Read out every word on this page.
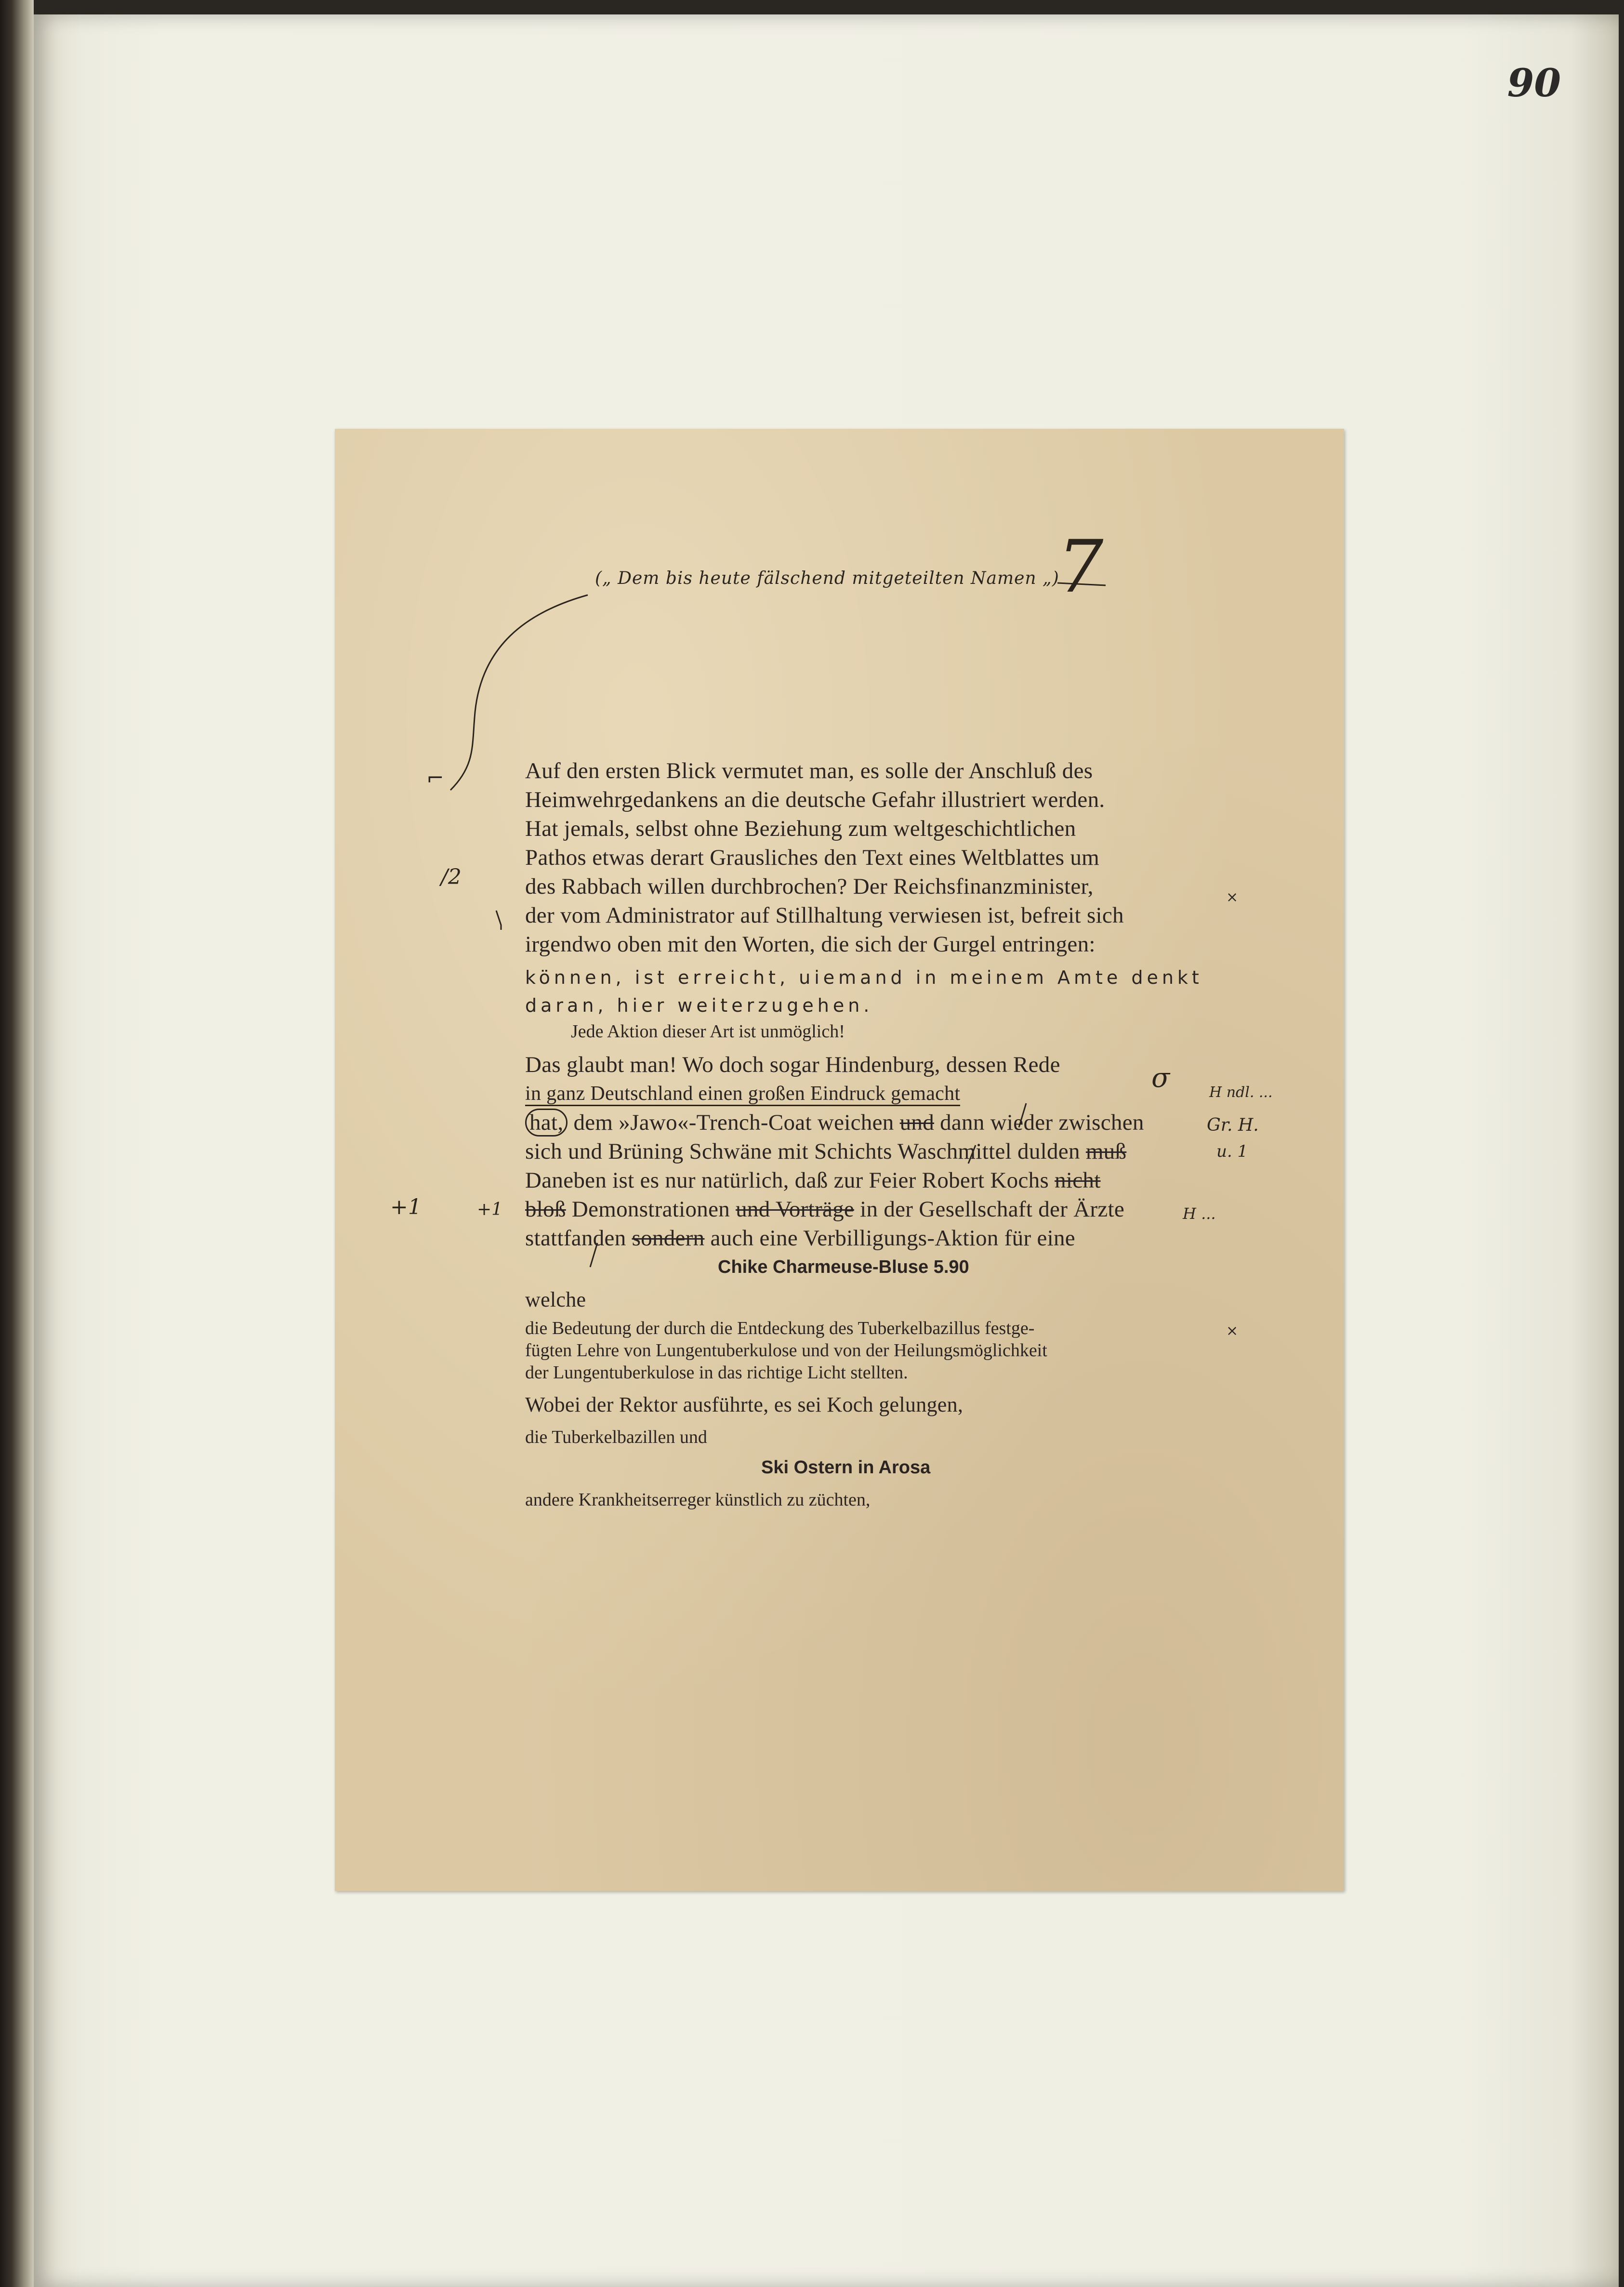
90
7
(„ Dem bis heute fälschend mitgeteilten Namen „)
⌐
/2
+1	+1
×
σ	H ndl. ...
Gr. H.
u. 1
H ...
×
Auf den ersten Blick vermutet man, es solle der Anschluß des
Heimwehrgedankens an die deutsche Gefahr illustriert werden.
Hat jemals, selbst ohne Beziehung zum weltgeschichtlichen
Pathos etwas derart Grausliches den Text eines Weltblattes um
des Rabbach willen durchbrochen? Der Reichsfinanzminister,
der vom Administrator auf Stillhaltung verwiesen ist, befreit sich
irgendwo oben mit den Worten, die sich der Gurgel entringen:
können, ist erreicht, uiemand in meinem Amte denkt
daran, hier weiterzugehen.
Jede Aktion dieser Art ist unmöglich!
Das glaubt man! Wo doch sogar Hindenburg, dessen Rede
in ganz Deutschland einen großen Eindruck gemacht
hat, dem »Jawo«-Trench-Coat weichen und dann wieder zwischen
sich und Brüning Schwäne mit Schichts Waschmittel dulden muß
Daneben ist es nur natürlich, daß zur Feier Robert Kochs nicht
bloß Demonstrationen und Vorträge in der Gesellschaft der Ärzte
stattfanden sondern auch eine Verbilligungs-Aktion für eine
Chike Charmeuse-Bluse 5.90
welche
die Bedeutung der durch die Entdeckung des Tuberkelbazillus festge-
fügten Lehre von Lungentuberkulose und von der Heilungsmöglichkeit
der Lungentuberkulose in das richtige Licht stellten.
Wobei der Rektor ausführte, es sei Koch gelungen,
die Tuberkelbazillen und
Ski Ostern in Arosa
andere Krankheitserreger künstlich zu züchten,
